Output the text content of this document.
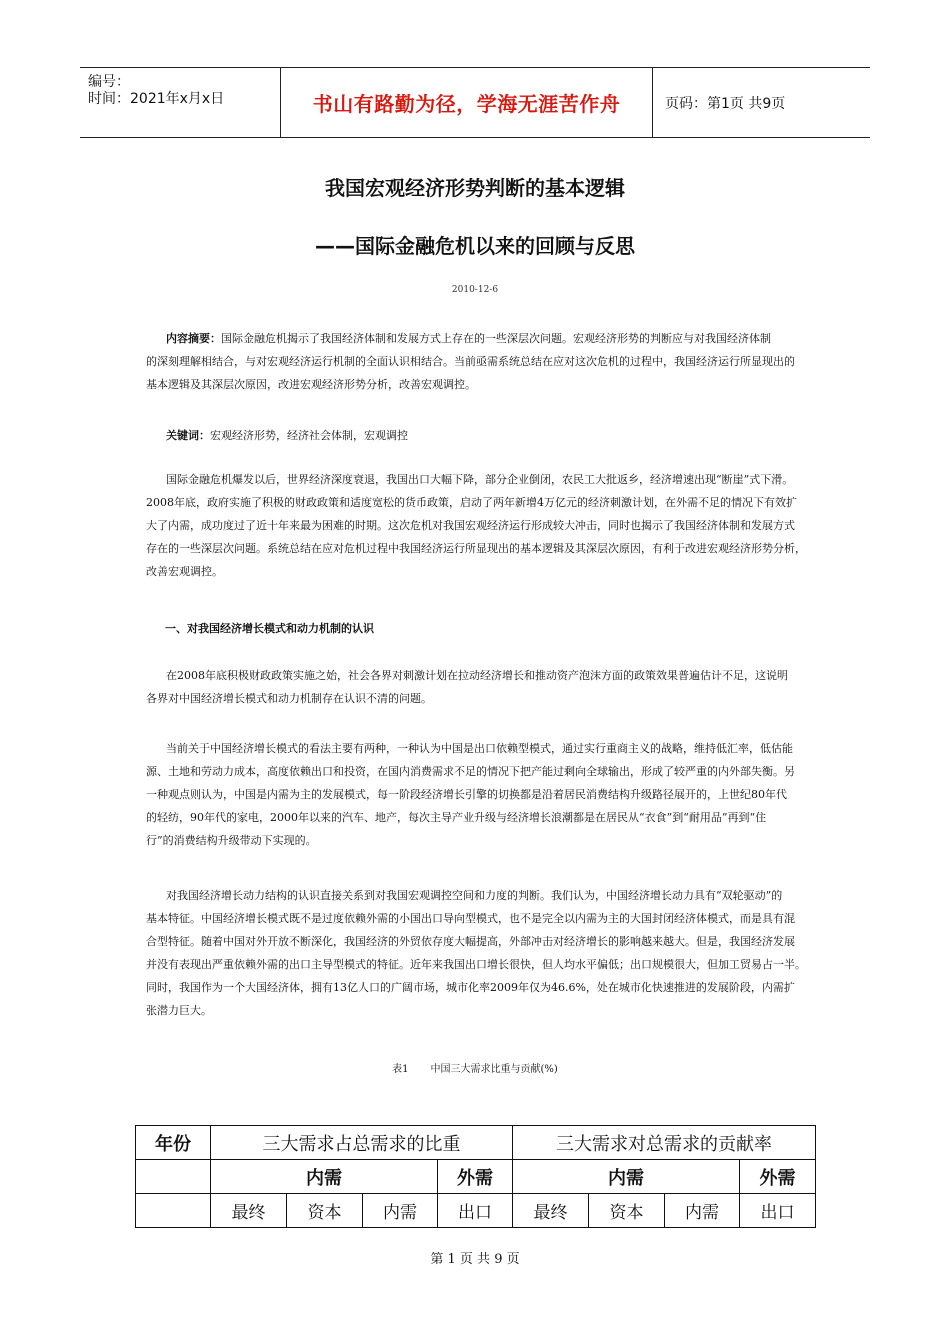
编号：
时间：2021年x月x日	书山有路勤为径，学海无涯苦作舟	页码：第1页 共9页
我国宏观经济形势判断的基本逻辑
——国际金融危机以来的回顾与反思
2010-12-6
内容摘要：国际金融危机揭示了我国经济体制和发展方式上存在的一些深层次问题。宏观经济形势的判断应与对我国经济体制
的深刻理解相结合，与对宏观经济运行机制的全面认识相结合。当前亟需系统总结在应对这次危机的过程中，我国经济运行所显现出的
基本逻辑及其深层次原因，改进宏观经济形势分析，改善宏观调控。
关键词：宏观经济形势，经济社会体制，宏观调控
国际金融危机爆发以后，世界经济深度衰退，我国出口大幅下降，部分企业倒闭，农民工大批返乡，经济增速出现“断崖”式下滑。
2008年底，政府实施了积极的财政政策和适度宽松的货币政策，启动了两年新增4万亿元的经济刺激计划，在外需不足的情况下有效扩
大了内需，成功度过了近十年来最为困难的时期。这次危机对我国宏观经济运行形成较大冲击，同时也揭示了我国经济体制和发展方式
存在的一些深层次问题。系统总结在应对危机过程中我国经济运行所显现出的基本逻辑及其深层次原因，有利于改进宏观经济形势分析，
改善宏观调控。
一、对我国经济增长模式和动力机制的认识
在2008年底积极财政政策实施之始，社会各界对刺激计划在拉动经济增长和推动资产泡沫方面的政策效果普遍估计不足，这说明
各界对中国经济增长模式和动力机制存在认识不清的问题。
当前关于中国经济增长模式的看法主要有两种，一种认为中国是出口依赖型模式，通过实行重商主义的战略，维持低汇率，低估能
源、土地和劳动力成本，高度依赖出口和投资，在国内消费需求不足的情况下把产能过剩向全球输出，形成了较严重的内外部失衡。另
一种观点则认为，中国是内需为主的发展模式，每一阶段经济增长引擎的切换都是沿着居民消费结构升级路径展开的，上世纪80年代
的轻纺，90年代的家电，2000年以来的汽车、地产，每次主导产业升级与经济增长浪潮都是在居民从“衣食”到“耐用品”再到“住
行”的消费结构升级带动下实现的。
对我国经济增长动力结构的认识直接关系到对我国宏观调控空间和力度的判断。我们认为，中国经济增长动力具有“双轮驱动”的
基本特征。中国经济增长模式既不是过度依赖外需的小国出口导向型模式，也不是完全以内需为主的大国封闭经济体模式，而是具有混
合型特征。随着中国对外开放不断深化，我国经济的外贸依存度大幅提高，外部冲击对经济增长的影响越来越大。但是，我国经济发展
并没有表现出严重依赖外需的出口主导型模式的特征。近年来我国出口增长很快，但人均水平偏低；出口规模很大，但加工贸易占一半。
同时，我国作为一个大国经济体，拥有13亿人口的广阔市场，城市化率2009年仅为46.6%，处在城市化快速推进的发展阶段，内需扩
张潜力巨大。
表1 中国三大需求比重与贡献(%)
年份	三大需求占总需求的比重				三大需求对总需求的贡献率			
	内需			外需	内需			外需
	最终	资本	内需	出口	最终	资本	内需	出口
第 1 页 共 9 页
